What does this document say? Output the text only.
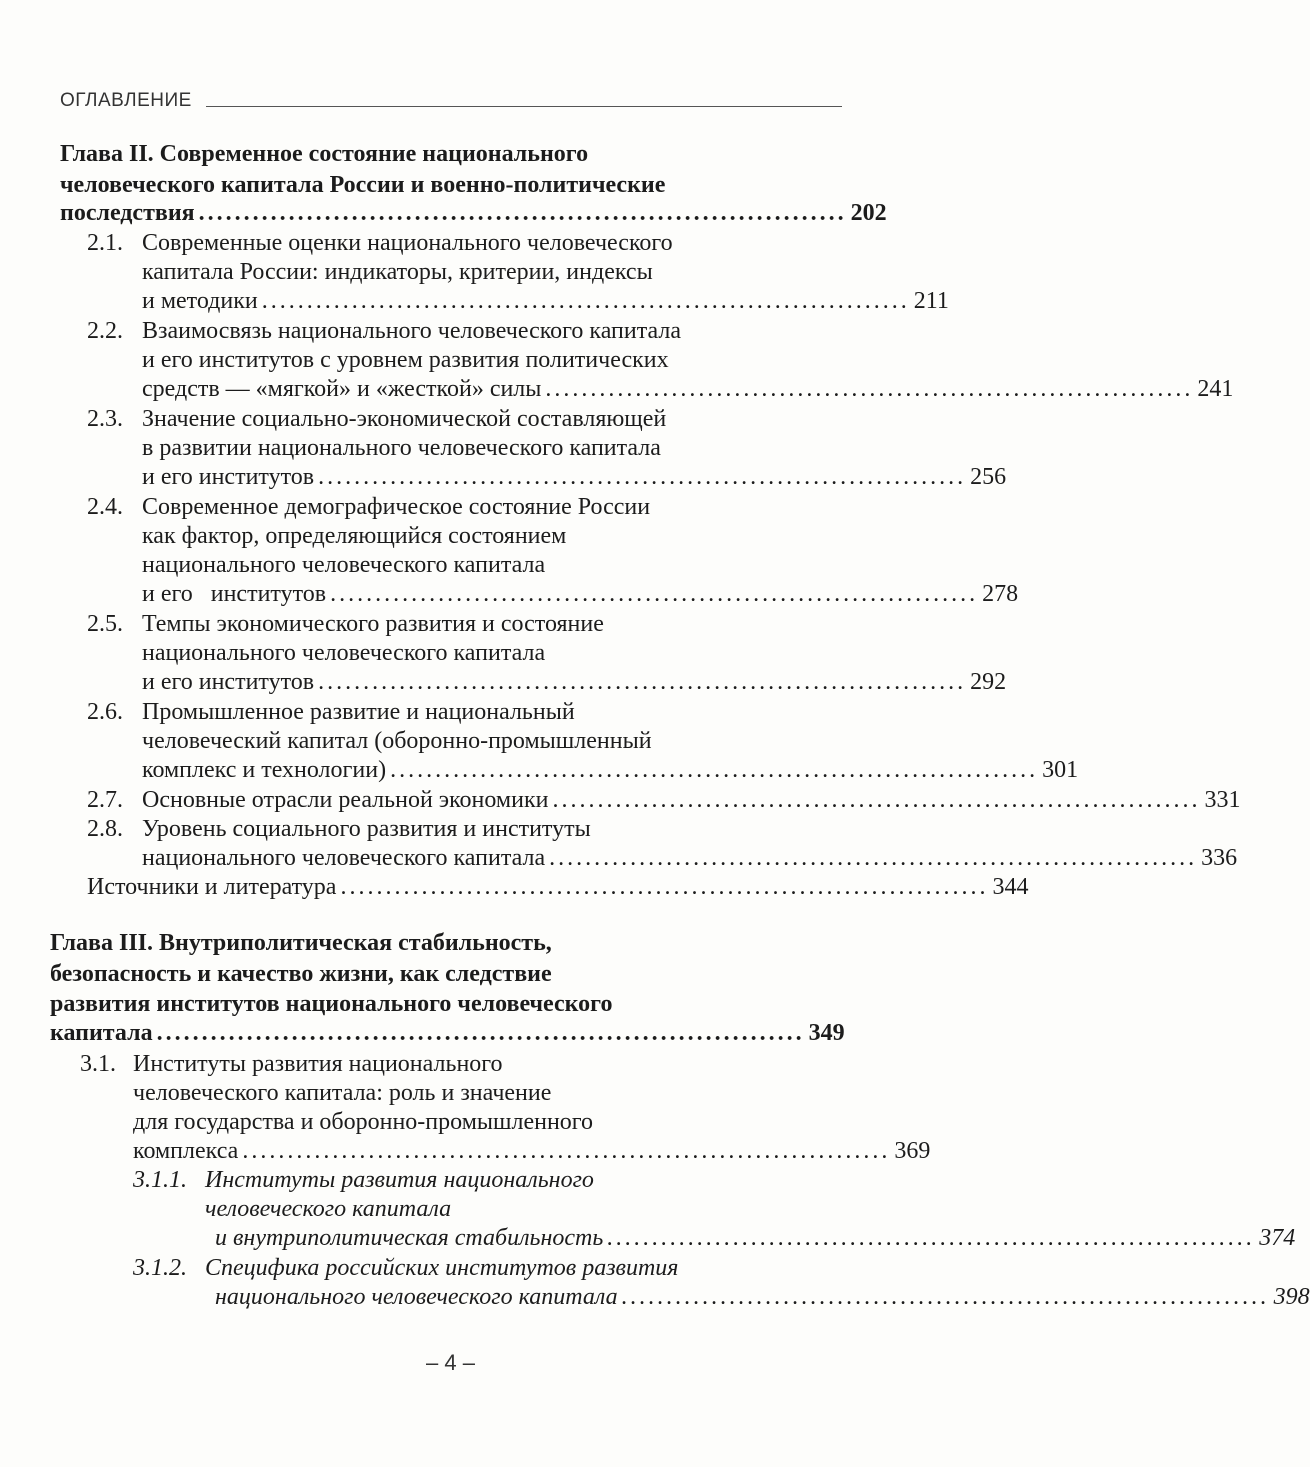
ОГЛАВЛЕНИЕ
Глава II. Современное состояние национального
человеческого капитала России и военно-политические
последствия ........................................................................ 202
2.1. Современные оценки национального человеческого
капитала России: индикаторы, критерии, индексы
и методики ........................................................................ 211
2.2. Взаимосвязь национального человеческого капитала
и его институтов с уровнем развития политических
средств — «мягкой» и «жесткой» силы ........................................................................ 241
2.3. Значение социально-экономической составляющей
в развитии национального человеческого капитала
и его институтов ........................................................................ 256
2.4. Современное демографическое состояние России
как фактор, определяющийся состоянием
национального человеческого капитала
и его   институтов ........................................................................ 278
2.5. Темпы экономического развития и состояние
национального человеческого капитала
и его институтов ........................................................................ 292
2.6. Промышленное развитие и национальный
человеческий капитал (оборонно-промышленный
комплекс и технологии) ........................................................................ 301
2.7. Основные отрасли реальной экономики ........................................................................ 331
2.8. Уровень социального развития и институты
национального человеческого капитала ........................................................................ 336
Источники и литература ........................................................................ 344
Глава III. Внутриполитическая стабильность,
безопасность и качество жизни, как следствие
развития институтов национального человеческого
капитала ........................................................................ 349
3.1. Институты развития национального
человеческого капитала: роль и значение
для государства и оборонно-промышленного
комплекса ........................................................................ 369
3.1.1. Институты развития национального
человеческого капитала
и внутриполитическая стабильность ........................................................................ 374
3.1.2. Специфика российских институтов развития
национального человеческого капитала ........................................................................ 398
– 4 –
